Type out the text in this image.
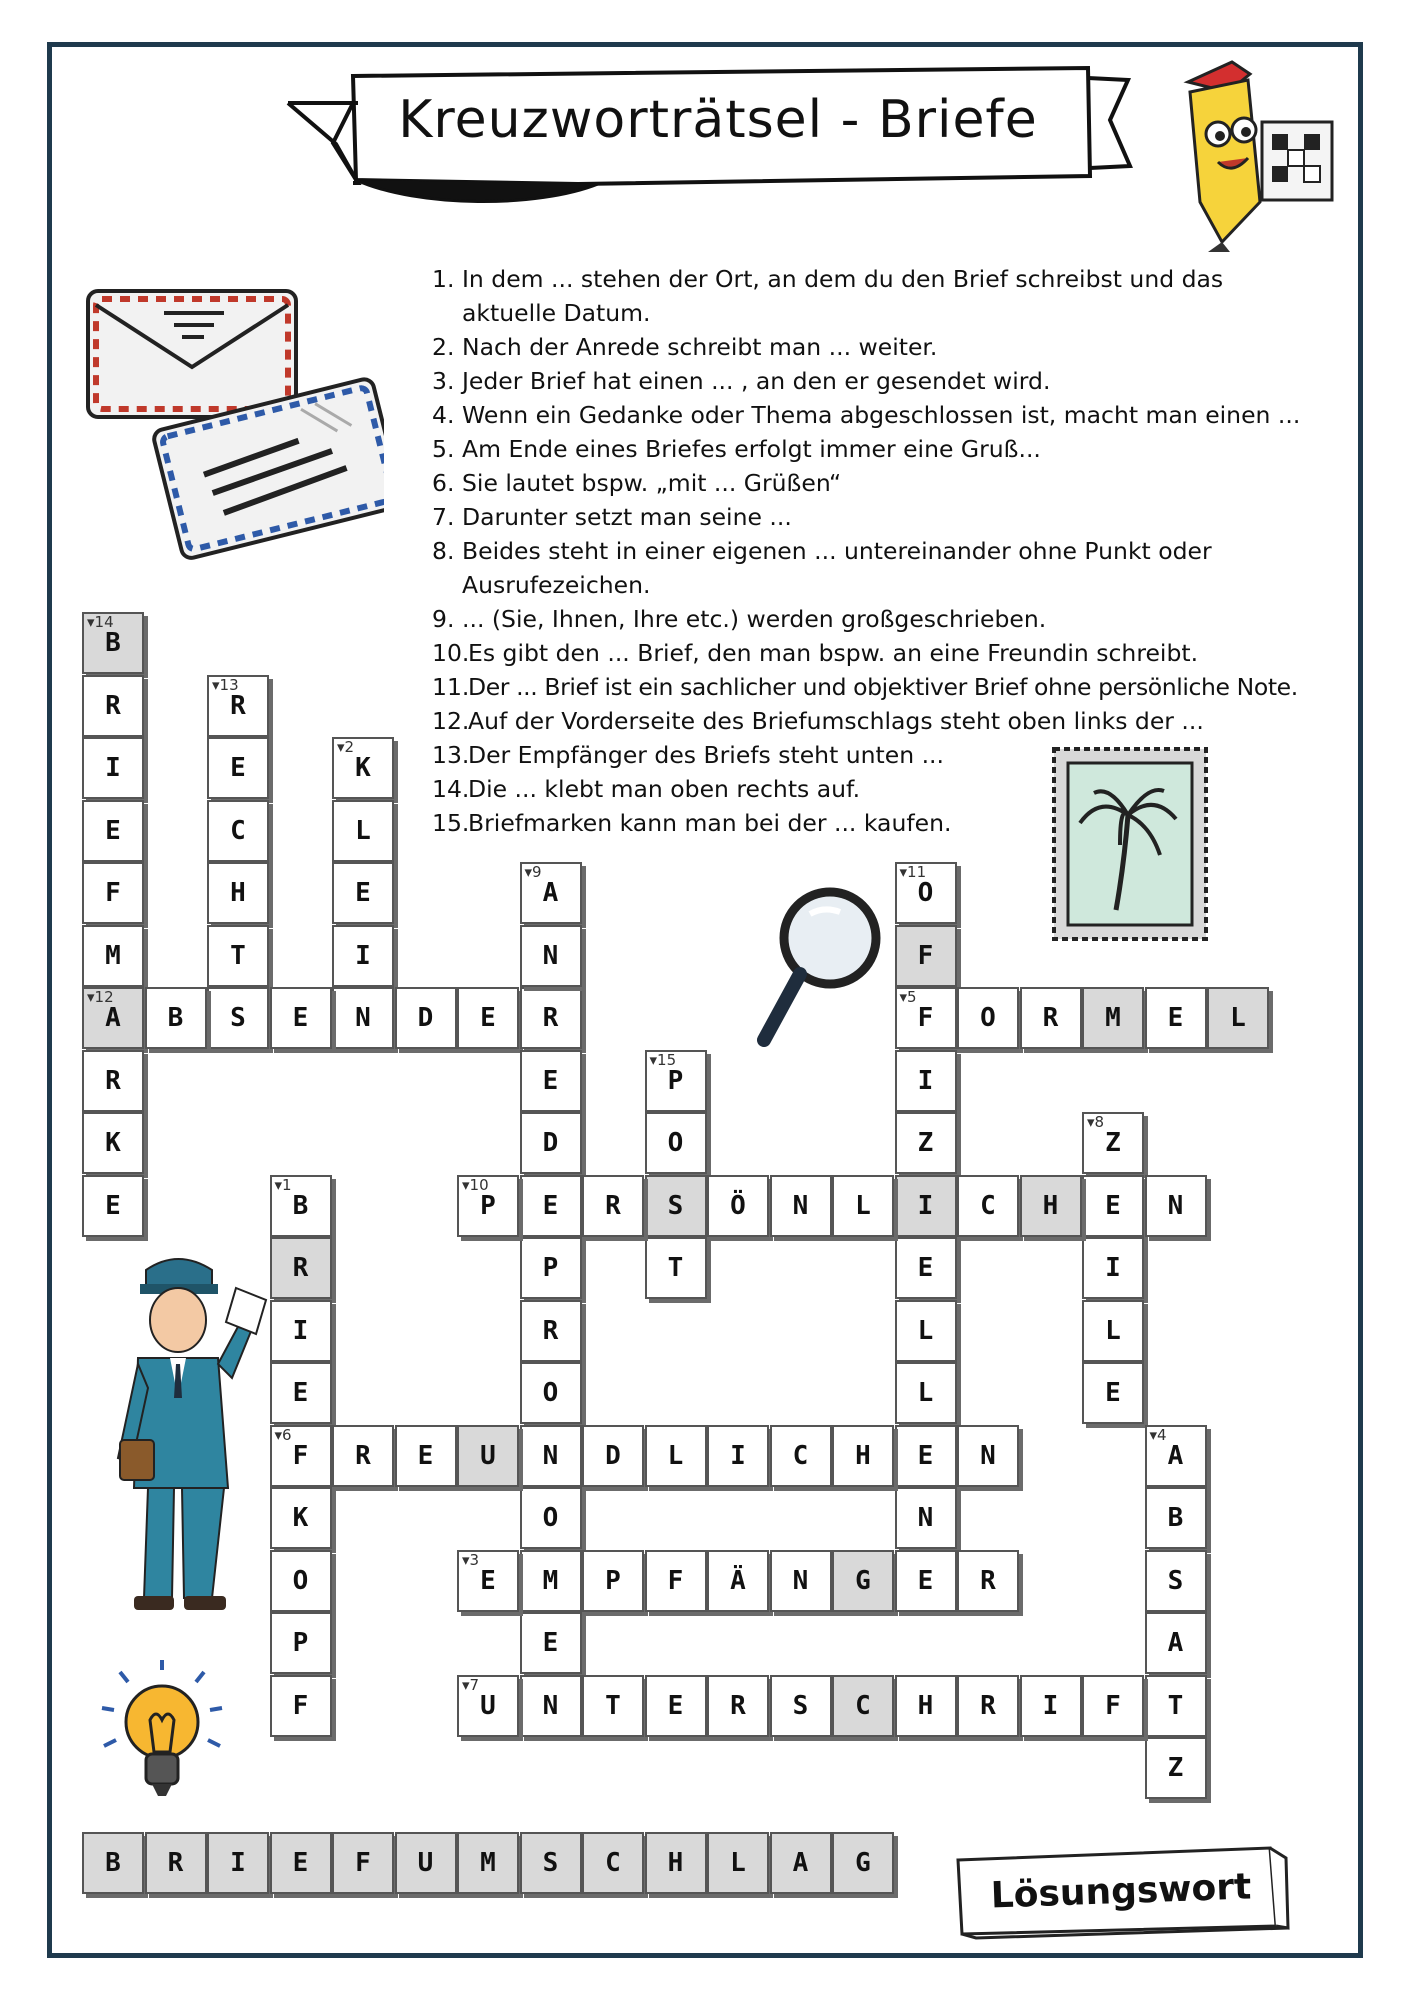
Kreuzworträtsel - Briefe
1. In dem ... stehen der Ort, an dem du den Brief schreibst und das aktuelle Datum.
2. Nach der Anrede schreibt man ... weiter.
3. Jeder Brief hat einen ... , an den er gesendet wird.
4. Wenn ein Gedanke oder Thema abgeschlossen ist, macht man einen ...
5. Am Ende eines Briefes erfolgt immer eine Gruß...
6. Sie lautet bspw. „mit ... Grüßen“
7. Darunter setzt man seine ...
8. Beides steht in einer eigenen ... untereinander ohne Punkt oder Ausrufezeichen.
9. ... (Sie, Ihnen, Ihre etc.) werden großgeschrieben.
10.
Es gibt den ... Brief, den man bspw. an eine Freundin schreibt.
11.
Der ... Brief ist ein sachlicher und objektiver Brief ohne persönliche Note.
12.
Auf der Vorderseite des Briefumschlags steht oben links der ...
13.
Der Empfänger des Briefs steht unten ...
14.
Die ... klebt man oben rechts auf.
15.
Briefmarken kann man bei der ... kaufen.
▾14
B
R
I
E
F
M
▾12
A
R
K
E
▾13
R
E
C
H
T
S
▾2
K
L
E
I
N
B	E	D E R
▾9
A
N
E
D
E
P
R
O
N
O
M
E
N
▾11
O
F
▾5
F
I
Z
I
E
L
L
E
N
O R M E L
▾15
P
O
S
T
▾8
Z
E
I
L
E
▾1
B
R
I
E
▾6
F
K
O
P
F
▾10
P	R	Ö N L	C H	N
R E U	D L I C H	N
▾4
A
B
S
A
T
Z
▾3
E	P F Ä N G E R
▾7
U	T E R S C H R I F
B	R	I	E	F	U	M	S	C	H	L	A	G
Lösungswort
